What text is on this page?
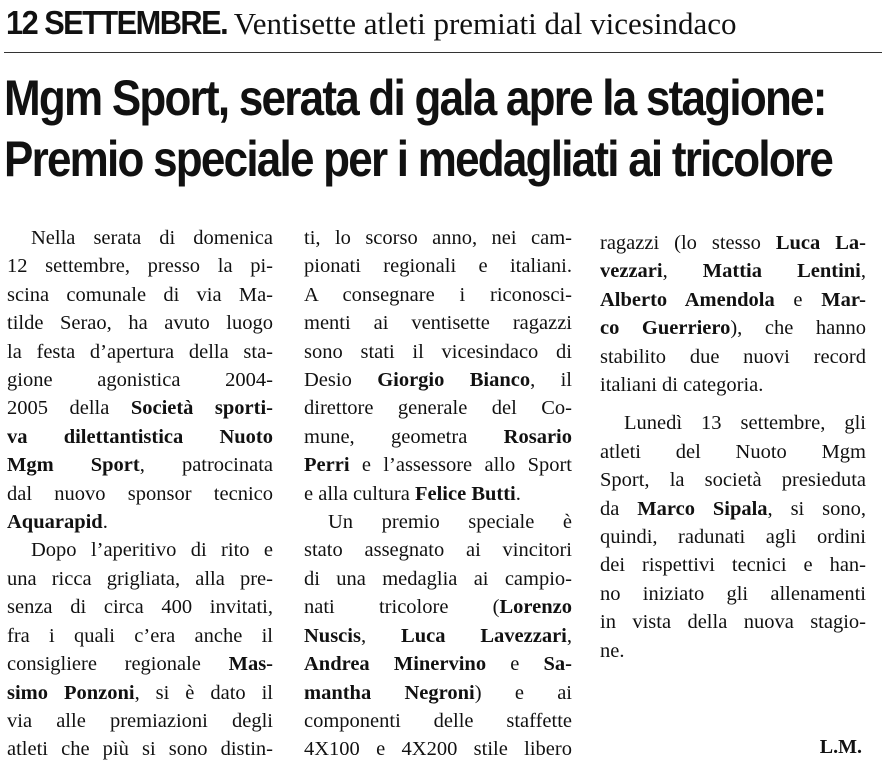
12 SETTEMBRE. Ventisette atleti premiati dal vicesindaco
Mgm Sport, serata di gala apre la stagione:
Premio speciale per i medagliati ai tricolore
Nella serata di domenica
12 settembre, presso la pi-
scina comunale di via Ma-
tilde Serao, ha avuto luogo
la festa d’apertura della sta-
gione agonistica 2004-
2005 della Società sporti-
va dilettantistica Nuoto
Mgm Sport, patrocinata
dal nuovo sponsor tecnico
Aquarapid.
Dopo l’aperitivo di rito e
una ricca grigliata, alla pre-
senza di circa 400 invitati,
fra i quali c’era anche il
consigliere regionale Mas-
simo Ponzoni, si è dato il
via alle premiazioni degli
atleti che più si sono distin-
ti, lo scorso anno, nei cam-
pionati regionali e italiani.
A consegnare i riconosci-
menti ai ventisette ragazzi
sono stati il vicesindaco di
Desio Giorgio Bianco, il
direttore generale del Co-
mune, geometra Rosario
Perri e l’assessore allo Sport
e alla cultura Felice Butti.
Un premio speciale è
stato assegnato ai vincitori
di una medaglia ai campio-
nati tricolore (Lorenzo
Nuscis, Luca Lavezzari,
Andrea Minervino e Sa-
mantha Negroni) e ai
componenti delle staffette
4X100 e 4X200 stile libero
ragazzi (lo stesso Luca La-
vezzari, Mattia Lentini,
Alberto Amendola e Mar-
co Guerriero), che hanno
stabilito due nuovi record
italiani di categoria.
Lunedì 13 settembre, gli
atleti del Nuoto Mgm
Sport, la società presieduta
da Marco Sipala, si sono,
quindi, radunati agli ordini
dei rispettivi tecnici e han-
no iniziato gli allenamenti
in vista della nuova stagio-
ne.
L.M.
